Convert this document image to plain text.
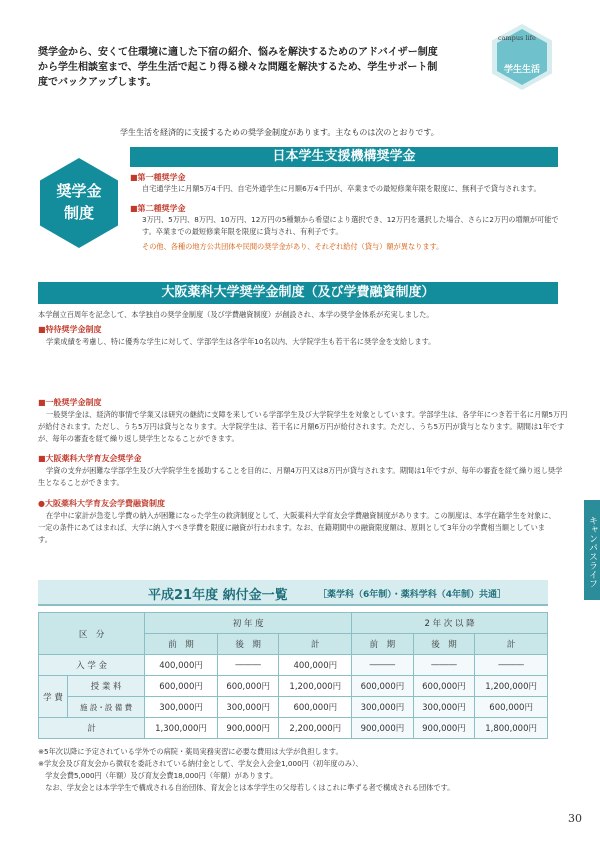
campus life
学生生活
奨学金から、安くて住環境に適した下宿の紹介、悩みを解決するためのアドバイザー制度から学生相談室まで、学生生活で起こり得る様々な問題を解決するため、学生サポート制度でバックアップします。
学生生活を経済的に支援するための奨学金制度があります。主なものは次のとおりです。
奨学金
制度
日本学生支援機構奨学金
■第一種奨学金
自宅通学生に月額5万4千円、自宅外通学生に月額6万4千円が、卒業までの最短修業年限を限度に、無利子で貸与されます。
■第二種奨学金
3万円、5万円、8万円、10万円、12万円の5種類から希望により選択でき、12万円を選択した場合、さらに2万円の増額が可能です。卒業までの最短修業年限を限度に貸与され、有利子です。
その他、各種の地方公共団体や民間の奨学金があり、それぞれ給付（貸与）額が異なります。
大阪薬科大学奨学金制度（及び学費融資制度）
本学創立百周年を記念して、本学独自の奨学金制度（及び学費融資制度）が創設され、本学の奨学金体系が充実しました。
■特待奨学金制度
学業成績を考慮し、特に優秀な学生に対して、学部学生は各学年10名以内、大学院学生も若干名に奨学金を支給します。
■一般奨学金制度
一般奨学金は、経済的事情で学業又は研究の継続に支障を来している学部学生及び大学院学生を対象としています。学部学生は、各学年につき若干名に月額5万円が給付されます。ただし、うち5万円は貸与となります。大学院学生は、若干名に月額6万円が給付されます。ただし、うち5万円が貸与となります。期間は1年ですが、毎年の審査を経て繰り返し奨学生となることができます。
■大阪薬科大学育友会奨学金
学資の支弁が困難な学部学生及び大学院学生を援助することを目的に、月額4万円又は8万円が貸与されます。期間は1年ですが、毎年の審査を経て繰り返し奨学生となることができます。
●大阪薬科大学育友会学費融資制度
在学中に家計が急変し学費の納入が困難になった学生の救済制度として、大阪薬科大学育友会学費融資制度があります。この制度は、本学在籍学生を対象に、一定の条件にあてはまれば、大学に納入すべき学費を限度に融資が行われます。なお、在籍期間中の融資限度額は、原則として3年分の学費相当額としています。	キャンパスライフ
平成21年度 納付金一覧	［薬学科（6年制）・薬科学科（4年制）共通］
区　分		初 年 度			2 年 次 以 降		
		前　期	後　期	計	前　期	後　期	計
入 学 金		400,000円	―――	400,000円	―――	―――	―――
学 費	授 業 料	600,000円	600,000円	1,200,000円	600,000円	600,000円	1,200,000円
	施 設・設 備 費	300,000円	300,000円	600,000円	300,000円	300,000円	600,000円
計		1,300,000円	900,000円	2,200,000円	900,000円	900,000円	1,800,000円
※5年次以降に予定されている学外での病院・薬局実務実習に必要な費用は大学が負担します。
※学友会及び育友会から徴収を委託されている納付金として、学友会入会金1,000円（初年度のみ）、
　学友会費5,000円（年額）及び育友会費18,000円（年額）があります。
　なお、学友会とは本学学生で構成される自治団体、育友会とは本学学生の父母若しくはこれに準ずる者で構成される団体です。
30
